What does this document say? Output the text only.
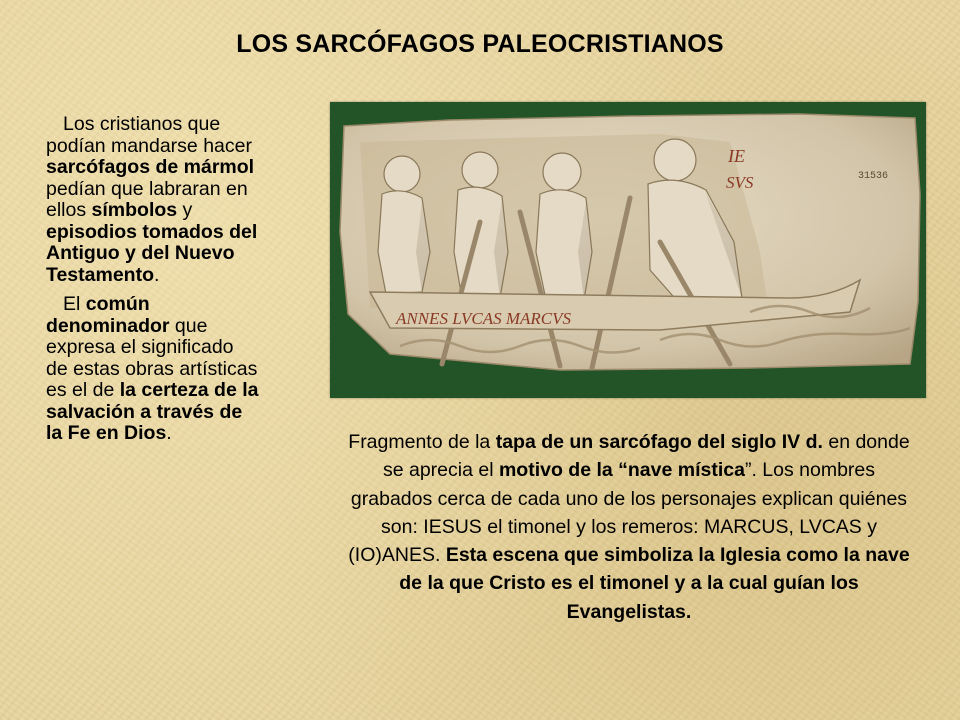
LOS SARCÓFAGOS PALEOCRISTIANOS

Los cristianos que podían mandarse hacer sarcófagos de mármol pedían que labraran en ellos símbolos y episodios tomados del Antiguo y del Nuevo Testamento.

El común denominador que expresa el significado de estas obras artísticas es el de la certeza de la salvación a través de la Fe en Dios.

IE
SVS
ANNES LVCAS MARCVS
31536
Fragmento de la tapa de un sarcófago del siglo IV d. en donde se aprecia el motivo de la “nave mística”. Los nombres grabados cerca de cada uno de los personajes explican quiénes son: IESUS el timonel y los remeros: MARCUS, LVCAS y (IO)ANES. Esta escena que simboliza la Iglesia como la nave de la que Cristo es el timonel y a la cual guían los Evangelistas.
